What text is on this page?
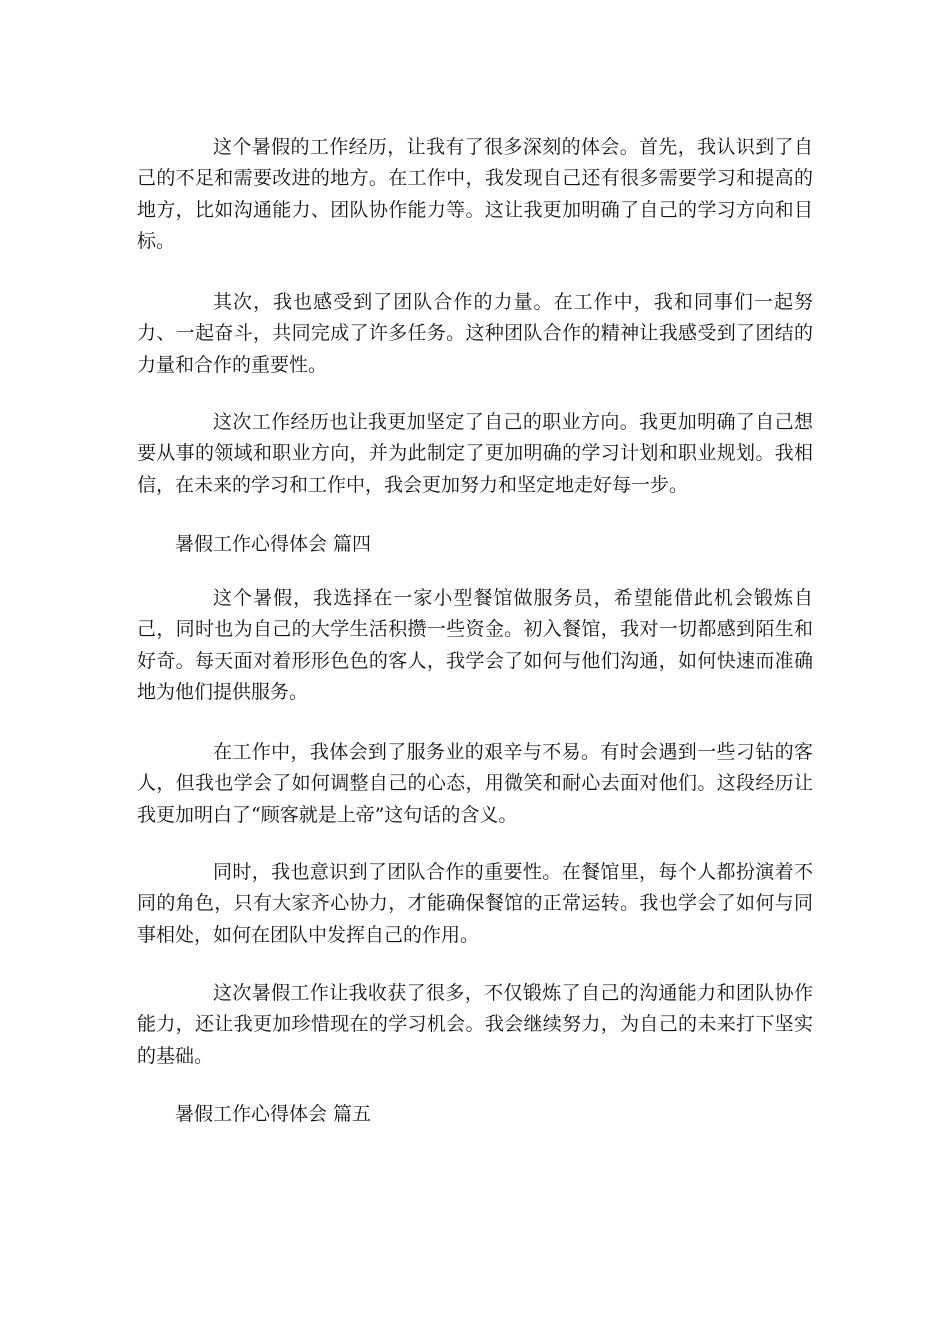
这个暑假的工作经历，让我有了很多深刻的体会。首先，我认识到了自己的不足和需要改进的地方。在工作中，我发现自己还有很多需要学习和提高的地方，比如沟通能力、团队协作能力等。这让我更加明确了自己的学习方向和目标。

其次，我也感受到了团队合作的力量。在工作中，我和同事们一起努力、一起奋斗，共同完成了许多任务。这种团队合作的精神让我感受到了团结的力量和合作的重要性。

这次工作经历也让我更加坚定了自己的职业方向。我更加明确了自己想要从事的领域和职业方向，并为此制定了更加明确的学习计划和职业规划。我相信，在未来的学习和工作中，我会更加努力和坚定地走好每一步。

暑假工作心得体会 篇四

这个暑假，我选择在一家小型餐馆做服务员，希望能借此机会锻炼自己，同时也为自己的大学生活积攒一些资金。初入餐馆，我对一切都感到陌生和好奇。每天面对着形形色色的客人，我学会了如何与他们沟通，如何快速而准确地为他们提供服务。

在工作中，我体会到了服务业的艰辛与不易。有时会遇到一些刁钻的客人，但我也学会了如何调整自己的心态，用微笑和耐心去面对他们。这段经历让我更加明白了“顾客就是上帝”这句话的含义。

同时，我也意识到了团队合作的重要性。在餐馆里，每个人都扮演着不同的角色，只有大家齐心协力，才能确保餐馆的正常运转。我也学会了如何与同事相处，如何在团队中发挥自己的作用。

这次暑假工作让我收获了很多，不仅锻炼了自己的沟通能力和团队协作能力，还让我更加珍惜现在的学习机会。我会继续努力，为自己的未来打下坚实的基础。

暑假工作心得体会 篇五
